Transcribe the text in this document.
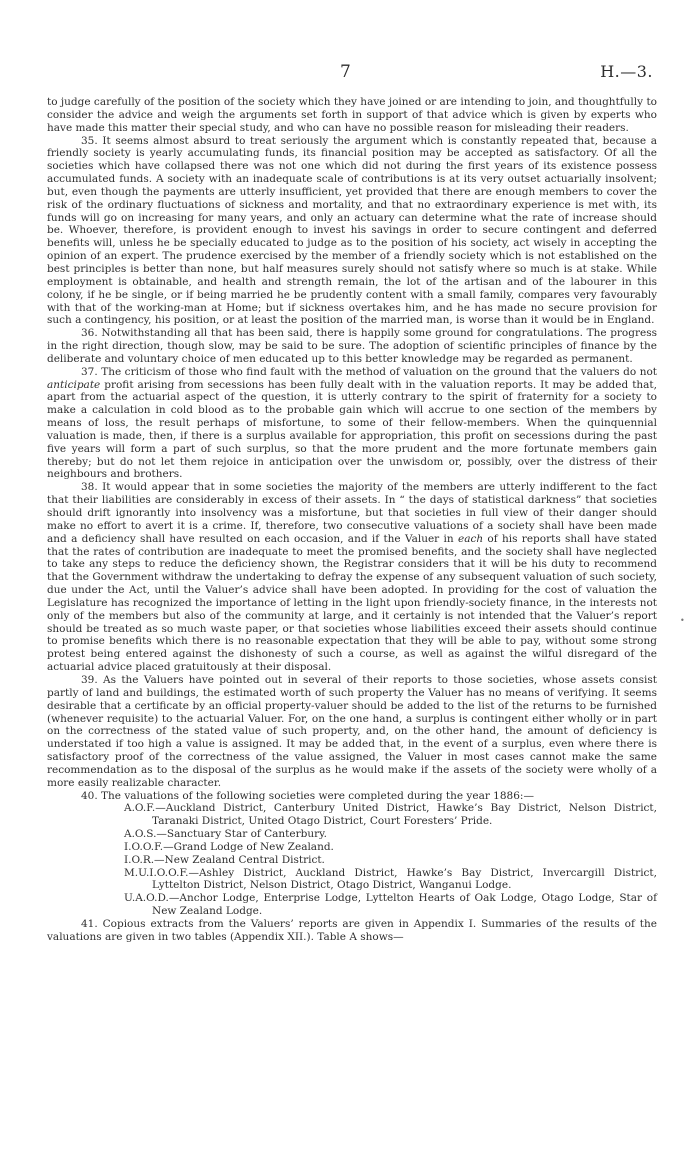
7	H.—3.

to judge carefully of the position of the society which they have joined or are intending to join, and thoughtfully to consider the advice and weigh the arguments set forth in support of that advice which is given by experts who have made this matter their special study, and who can have no possible reason for misleading their readers.

35. It seems almost absurd to treat seriously the argument which is constantly repeated that, because a friendly society is yearly accumulating funds, its financial position may be accepted as satisfactory. Of all the societies which have collapsed there was not one which did not during the first years of its existence possess accumulated funds. A society with an inadequate scale of contributions is at its very outset actuarially insolvent; but, even though the payments are utterly insufficient, yet provided that there are enough members to cover the risk of the ordinary fluctuations of sickness and mortality, and that no extraordinary experience is met with, its funds will go on increasing for many years, and only an actuary can determine what the rate of increase should be. Whoever, therefore, is provident enough to invest his savings in order to secure contingent and deferred benefits will, unless he be specially educated to judge as to the position of his society, act wisely in accepting the opinion of an expert. The prudence exercised by the member of a friendly society which is not established on the best principles is better than none, but half measures surely should not satisfy where so much is at stake. While employment is obtainable, and health and strength remain, the lot of the artisan and of the labourer in this colony, if he be single, or if being married he be prudently content with a small family, compares very favourably with that of the working-man at Home; but if sickness overtakes him, and he has made no secure provision for such a contingency, his position, or at least the position of the married man, is worse than it would be in England.

36. Notwithstanding all that has been said, there is happily some ground for congratulations. The progress in the right direction, though slow, may be said to be sure. The adoption of scientific principles of finance by the deliberate and voluntary choice of men educated up to this better knowledge may be regarded as permanent.

37. The criticism of those who find fault with the method of valuation on the ground that the valuers do not anticipate profit arising from secessions has been fully dealt with in the valuation reports. It may be added that, apart from the actuarial aspect of the question, it is utterly contrary to the spirit of fraternity for a society to make a calculation in cold blood as to the probable gain which will accrue to one section of the members by means of loss, the result perhaps of misfortune, to some of their fellow-members. When the quinquennial valuation is made, then, if there is a surplus available for appropriation, this profit on secessions during the past five years will form a part of such surplus, so that the more prudent and the more fortunate members gain thereby; but do not let them rejoice in anticipation over the unwisdom or, possibly, over the distress of their neighbours and brothers.

38. It would appear that in some societies the majority of the members are utterly indifferent to the fact that their liabilities are considerably in excess of their assets. In “ the days of statistical darkness” that societies should drift ignorantly into insolvency was a misfortune, but that societies in full view of their danger should make no effort to avert it is a crime. If, therefore, two consecutive valuations of a society shall have been made and a deficiency shall have resulted on each occasion, and if the Valuer in each of his reports shall have stated that the rates of contribution are inadequate to meet the promised benefits, and the society shall have neglected to take any steps to reduce the deficiency shown, the Registrar considers that it will be his duty to recommend that the Government withdraw the undertaking to defray the expense of any subsequent valuation of such society, due under the Act, until the Valuer’s advice shall have been adopted. In providing for the cost of valuation the Legislature has recognized the importance of letting in the light upon friendly-society finance, in the interests not only of the members but also of the community at large, and it certainly is not intended that the Valuer’s report should be treated as so much waste paper, or that societies whose liabilities exceed their assets should continue to promise benefits which there is no reasonable expectation that they will be able to pay, without some strong protest being entered against the dishonesty of such a course, as well as against the wilful disregard of the actuarial advice placed gratuitously at their disposal.

39. As the Valuers have pointed out in several of their reports to those societies, whose assets consist partly of land and buildings, the estimated worth of such property the Valuer has no means of verifying. It seems desirable that a certificate by an official property-valuer should be added to the list of the returns to be furnished (whenever requisite) to the actuarial Valuer. For, on the one hand, a surplus is contingent either wholly or in part on the correctness of the stated value of such property, and, on the other hand, the amount of deficiency is understated if too high a value is assigned. It may be added that, in the event of a surplus, even where there is satisfactory proof of the correctness of the value assigned, the Valuer in most cases cannot make the same recommendation as to the disposal of the surplus as he would make if the assets of the society were wholly of a more easily realizable character.

40. The valuations of the following societies were completed during the year 1886:—

A.O.F.—Auckland District, Canterbury United District, Hawke’s Bay District, Nelson District, Taranaki District, United Otago District, Court Foresters’ Pride.

A.O.S.—Sanctuary Star of Canterbury.

I.O.O.F.—Grand Lodge of New Zealand.

I.O.R.—New Zealand Central District.

M.U.I.O.O.F.—Ashley District, Auckland District, Hawke’s Bay District, Invercargill District, Lyttelton District, Nelson District, Otago District, Wanganui Lodge.

U.A.O.D.—Anchor Lodge, Enterprise Lodge, Lyttelton Hearts of Oak Lodge, Otago Lodge, Star of New Zealand Lodge.

41. Copious extracts from the Valuers’ reports are given in Appendix I. Summaries of the results of the valuations are given in two tables (Appendix XII.). Table A shows—

•
